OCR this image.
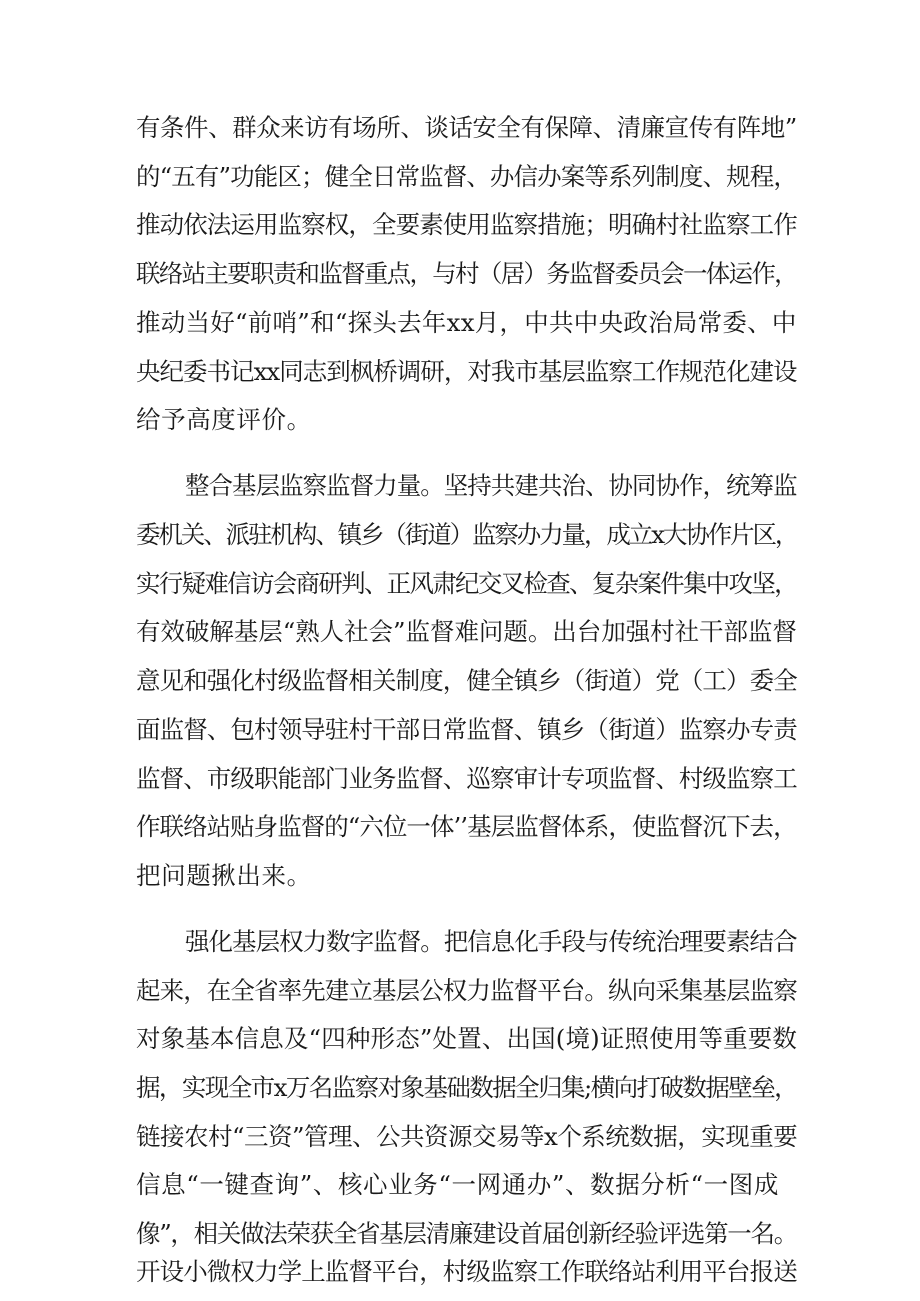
有条件、群众来访有场所、谈话安全有保障、清廉宣传有阵地”
的“五有”功能区；健全日常监督、办信办案等系列制度、规程，
推动依法运用监察权，全要素使用监察措施；明确村社监察工作
联络站主要职责和监督重点，与村（居）务监督委员会一体运作，
推动当好“前哨”和“探头去年xx月，中共中央政治局常委、中
央纪委书记xx同志到枫桥调研，对我市基层监察工作规范化建设
给予高度评价。
整合基层监察监督力量。坚持共建共治、协同协作，统筹监
委机关、派驻机构、镇乡（街道）监察办力量，成立x大协作片区，
实行疑难信访会商研判、正风肃纪交叉检查、复杂案件集中攻坚，
有效破解基层“熟人社会”监督难问题。出台加强村社干部监督
意见和强化村级监督相关制度，健全镇乡（街道）党（工）委全
面监督、包村领导驻村干部日常监督、镇乡（街道）监察办专责
监督、市级职能部门业务监督、巡察审计专项监督、村级监察工
作联络站贴身监督的“六位一体’’基层监督体系，使监督沉下去，
把问题揪出来。
强化基层权力数字监督。把信息化手段与传统治理要素结合
起来，在全省率先建立基层公权力监督平台。纵向采集基层监察
对象基本信息及“四种形态”处置、出国(境)证照使用等重要数
据，实现全市x万名监察对象基础数据全归集;横向打破数据壁垒，
链接农村“三资”管理、公共资源交易等x个系统数据，实现重要
信息“一键查询”、核心业务“一网通办”、数据分析“一图成
像”，相关做法荣获全省基层清廉建设首届创新经验评选第一名。
开设小微权力学上监督平台，村级监察工作联络站利用平台报送
